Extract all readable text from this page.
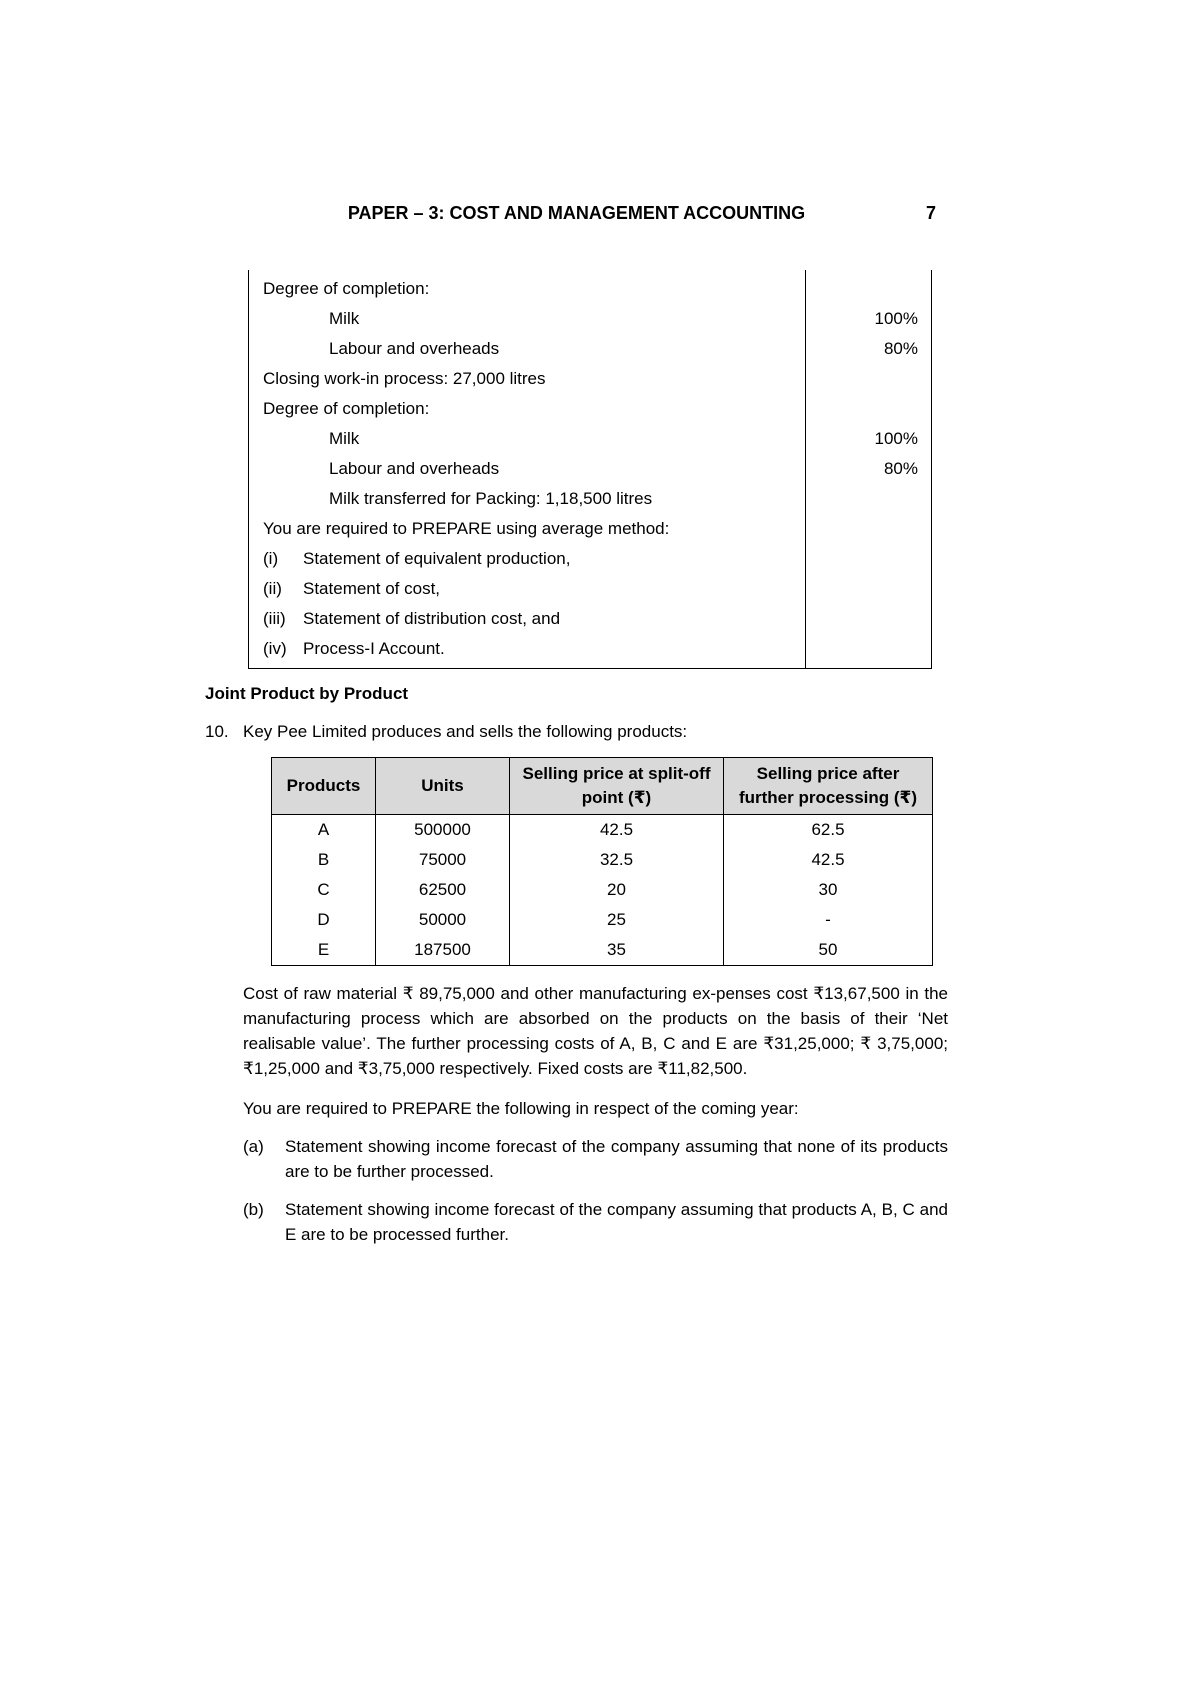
PAPER – 3: COST AND MANAGEMENT ACCOUNTING	7
Degree of completion:
Milk	100%
Labour and overheads	80%
Closing work-in process: 27,000 litres
Degree of completion:
Milk	100%
Labour and overheads	80%
Milk transferred for Packing: 1,18,500 litres
You are required to PREPARE using average method:
(i) Statement of equivalent production,
(ii) Statement of cost,
(iii) Statement of distribution cost, and
(iv) Process-I Account.
Joint Product by Product
10. Key Pee Limited produces and sells the following products:
Products	Units	Selling price at split-off point (₹)	Selling price after further processing (₹)
A	500000	42.5	62.5
B	75000	32.5	42.5
C	62500	20	30
D	50000	25	-
E	187500	35	50
Cost of raw material ₹ 89,75,000 and other manufacturing ex-penses cost ₹13,67,500 in the manufacturing process which are absorbed on the products on the basis of their ‘Net realisable value’. The further processing costs of A, B, C and E are ₹31,25,000; ₹ 3,75,000; ₹1,25,000 and ₹3,75,000 respectively. Fixed costs are ₹11,82,500.
You are required to PREPARE the following in respect of the coming year:
(a)	Statement showing income forecast of the company assuming that none of its products are to be further processed.
(b)	Statement showing income forecast of the company assuming that products A, B, C and E are to be processed further.
